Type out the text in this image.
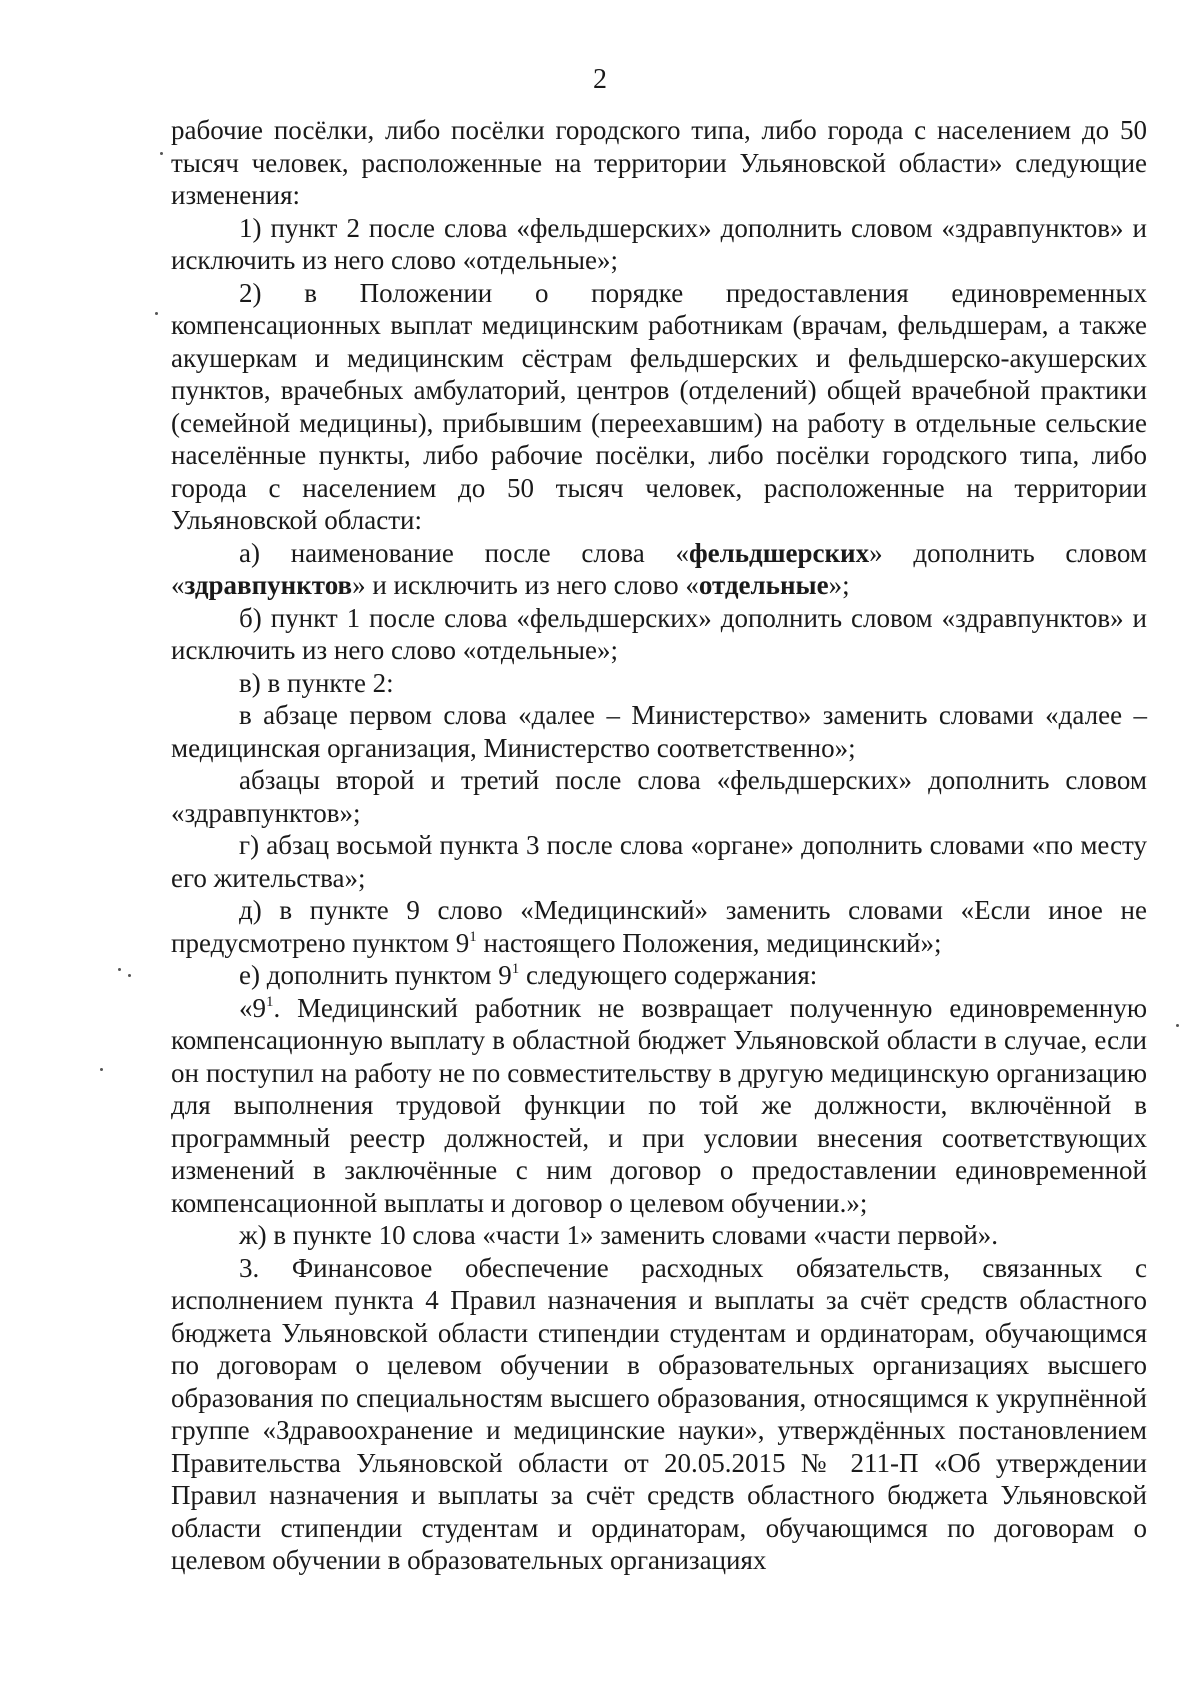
2

рабочие посёлки, либо посёлки городского типа, либо города с населением до 50 тысяч человек, расположенные на территории Ульяновской области» следующие изменения:

1) пункт 2 после слова «фельдшерских» дополнить словом «здравпунктов» и исключить из него слово «отдельные»;

2) в Положении о порядке предоставления единовременных компенсационных выплат медицинским работникам (врачам, фельдшерам, а также акушеркам и медицинским сёстрам фельдшерских и фельдшерско-акушерских пунктов, врачебных амбулаторий, центров (отделений) общей врачебной практики (семейной медицины), прибывшим (переехавшим) на работу в отдельные сельские населённые пункты, либо рабочие посёлки, либо посёлки городского типа, либо города с населением до 50 тысяч человек, расположенные на территории Ульяновской области:

а) наименование после слова «фельдшерских» дополнить словом «здравпунктов» и исключить из него слово «отдельные»;

б) пункт 1 после слова «фельдшерских» дополнить словом «здравпунктов» и исключить из него слово «отдельные»;

в) в пункте 2:

в абзаце первом слова «далее – Министерство» заменить словами «далее – медицинская организация, Министерство соответственно»;

абзацы второй и третий после слова «фельдшерских» дополнить словом «здравпунктов»;

г) абзац восьмой пункта 3 после слова «органе» дополнить словами «по месту его жительства»;

д) в пункте 9 слово «Медицинский» заменить словами «Если иное не предусмотрено пунктом $9^1$ настоящего Положения, медицинский»;

е) дополнить пунктом $9^1$ следующего содержания:

«$9^1$. Медицинский работник не возвращает полученную единовременную компенсационную выплату в областной бюджет Ульяновской области в случае, если он поступил на работу не по совместительству в другую медицинскую организацию для выполнения трудовой функции по той же должности, включённой в программный реестр должностей, и при условии внесения соответствующих изменений в заключённые с ним договор о предоставлении единовременной компенсационной выплаты и договор о целевом обучении.»;

ж) в пункте 10 слова «части 1» заменить словами «части первой».

3. Финансовое обеспечение расходных обязательств, связанных с исполнением пункта 4 Правил назначения и выплаты за счёт средств областного бюджета Ульяновской области стипендии студентам и ординаторам, обучающимся по договорам о целевом обучении в образовательных организациях высшего образования по специальностям высшего образования, относящимся к укрупнённой группе «Здравоохранение и медицинские науки», утверждённых постановлением Правительства Ульяновской области от 20.05.2015 № 211-П «Об утверждении Правил назначения и выплаты за счёт средств областного бюджета Ульяновской области стипендии студентам и ординаторам, обучающимся по договорам о целевом обучении в образовательных организациях
